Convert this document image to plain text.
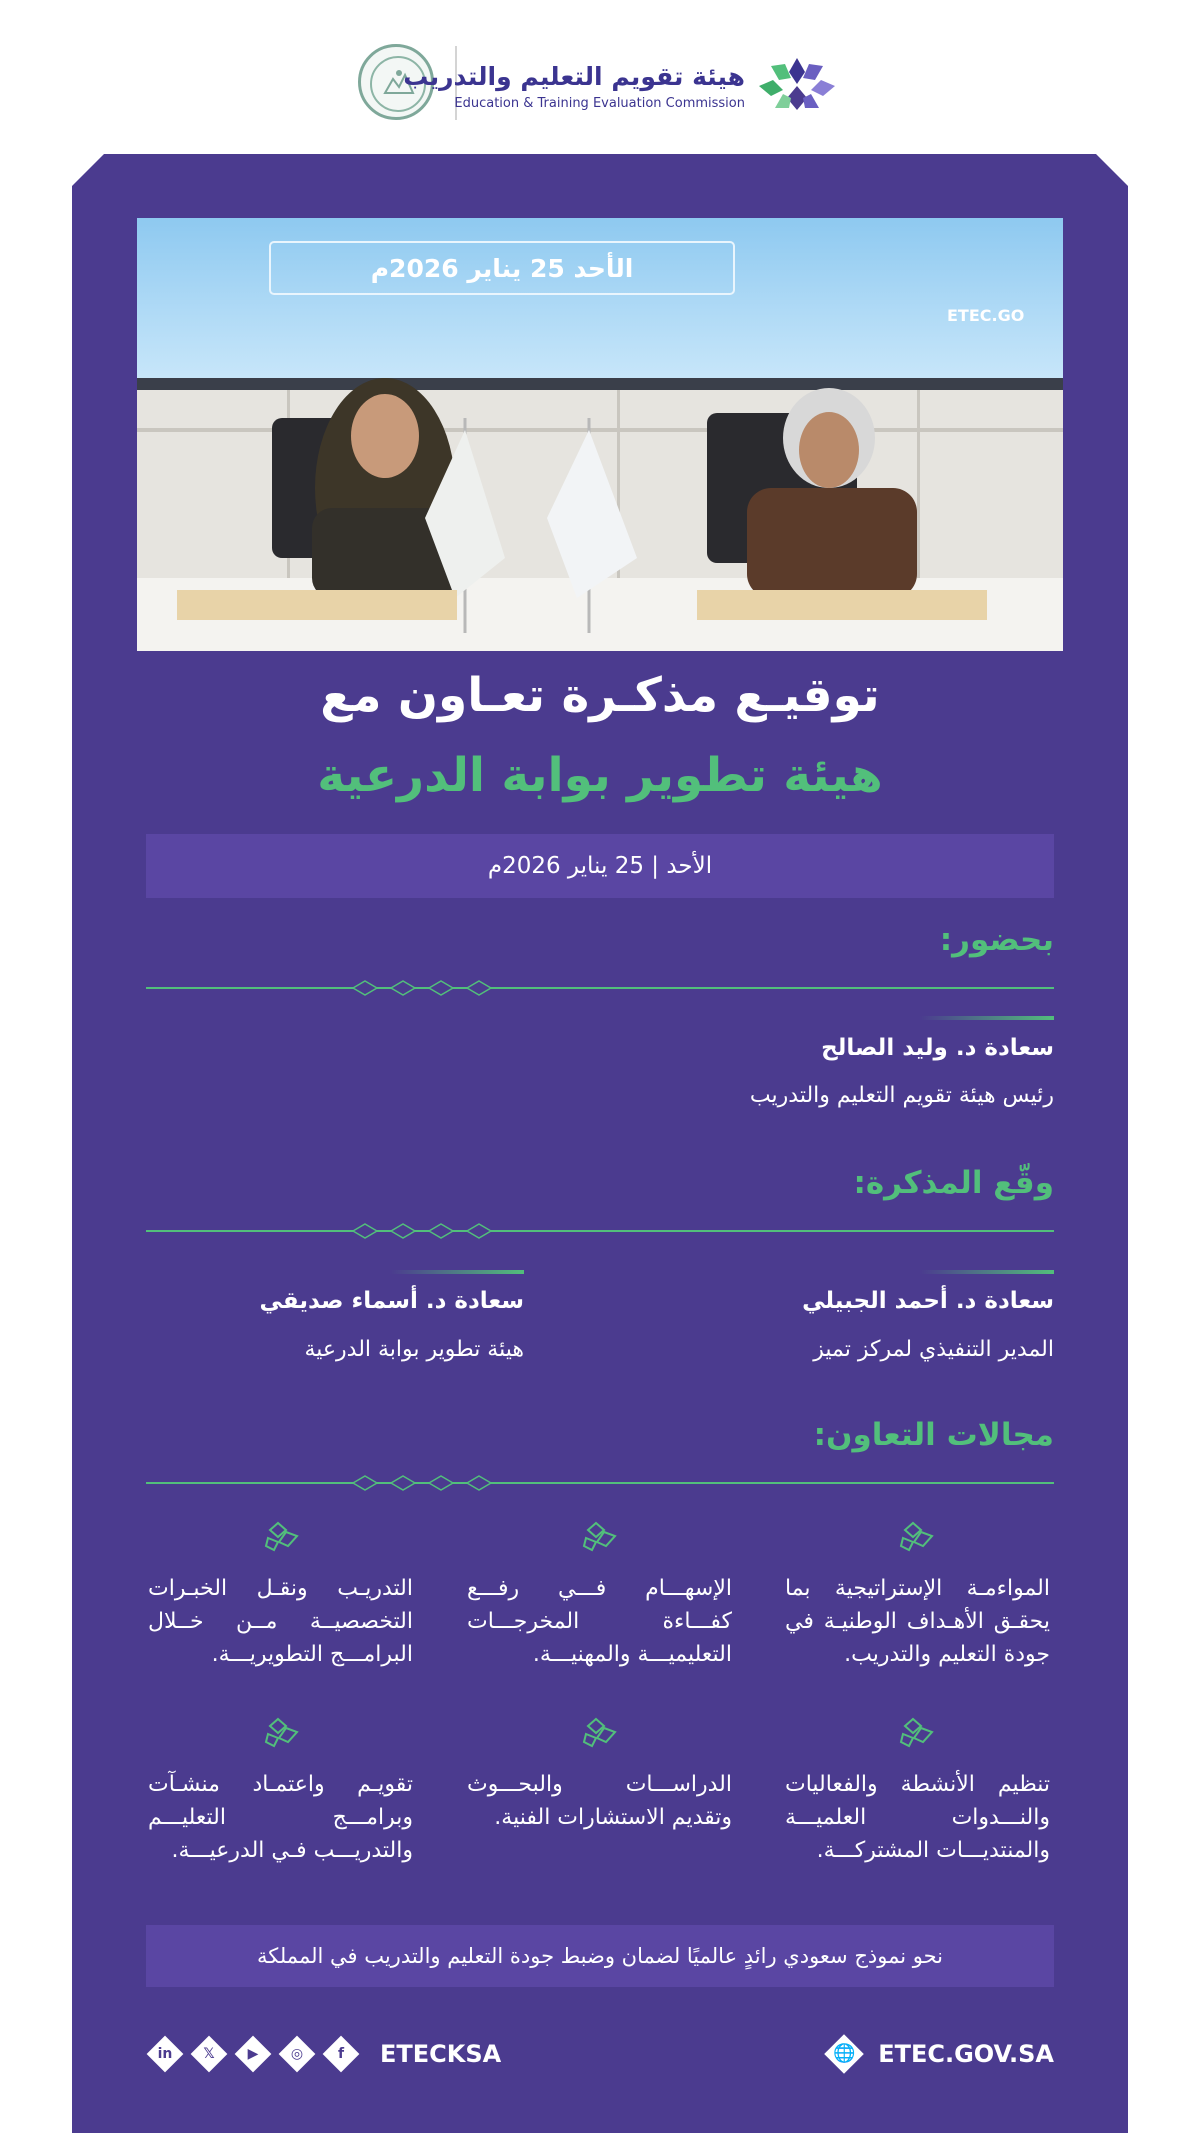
هيئة تقويم التعليم والتدريب
Education & Training Evaluation Commission
الأحد 25 يناير 2026م
ETEC.GO
توقيـع مذكـرة تعـاون مع
هيئة تطوير بوابة الدرعية
الأحد | 25 يناير 2026م
بحضور:
سعادة د. وليد الصالح
رئيس هيئة تقويم التعليم والتدريب
وقّع المذكرة:
سعادة د. أحمد الجبيلي
المدير التنفيذي لمركز تميز
سعادة د. أسماء صديقي
هيئة تطوير بوابة الدرعية
مجالات التعاون:
المواءمـة الإستراتيجية بما يحقـق الأهـداف الوطنيـة في جودة التعليم والتدريب.
الإسهـــام فـــي رفـــع كفـــاءة المخرجـــات التعليميـــة والمهنيـــة.
التدريـب ونقـل الخبـرات التخصصيــة مــن خــلال البرامـــج التطويريـــة.
تنظيم الأنشطة والفعاليات والنـــدوات العلميـــة والمنتديـــات المشتركـــة.
الدراســـات والبحـــوث وتقديم الاستشارات الفنية.
تقويـم واعتمـاد منشـآت وبرامـــج التعليـــم والتدريـــب فـي الدرعيـــة.
نحو نموذج سعودي رائدٍ عالميًا لضمان وضبط جودة التعليم والتدريب في المملكة
🌐 ETEC.GOV.SA
in	𝕏	▶	◎	f	ETECKSA
